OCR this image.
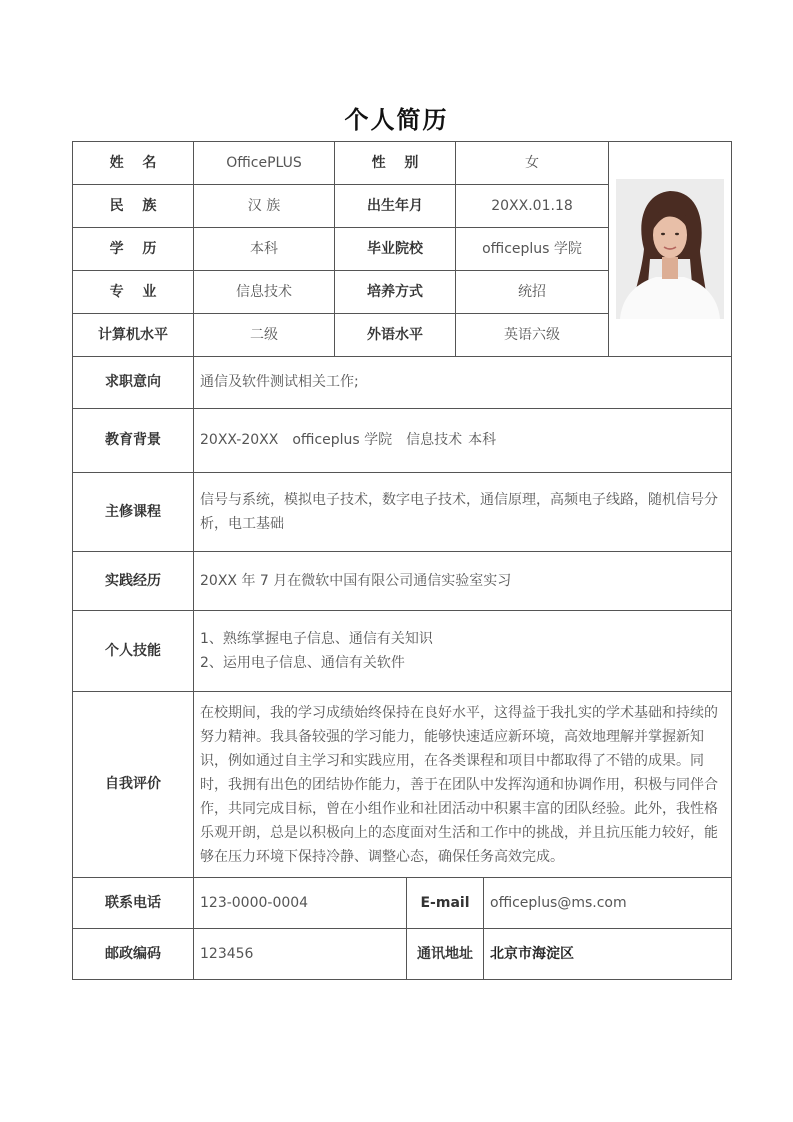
个人简历
姓　 名	OfficePLUS	性　 别	女	

民　 族	汉 族	出生年月	20XX.01.18	
学　 历	本科	毕业院校	officeplus 学院	
专　 业	信息技术	培养方式	统招	
计算机水平	二级	外语水平	英语六级	
求职意向	通信及软件测试相关工作;			
教育背景	20XX-20XX officeplus 学院 信息技术 本科			
主修课程	信号与系统，模拟电子技术，数字电子技术，通信原理，高频电子线路，随机信号分析，电工基础			
实践经历	20XX 年 7 月在微软中国有限公司通信实验室实习			
个人技能	1、熟练掌握电子信息、通信有关知识
2、运用电子信息、通信有关软件			

自我评价	在校期间，我的学习成绩始终保持在良好水平，这得益于我扎实的学术基础和持续的努力精神。我具备较强的学习能力，能够快速适应新环境，高效地理解并掌握新知识，例如通过自主学习和实践应用，在各类课程和项目中都取得了不错的成果。同时，我拥有出色的团结协作能力，善于在团队中发挥沟通和协调作用，积极与同伴合作，共同完成目标，曾在小组作业和社团活动中积累丰富的团队经验。此外，我性格乐观开朗，总是以积极向上的态度面对生活和工作中的挑战，并且抗压能力较好，能够在压力环境下保持冷静、调整心态，确保任务高效完成。			
联系电话	123-0000-0004	E-mail	officeplus@ms.com
邮政编码	123456	通讯地址	北京市海淀区
